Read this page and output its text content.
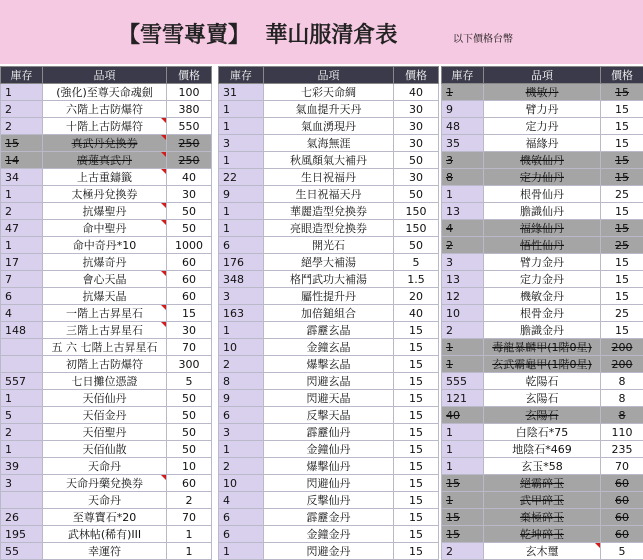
【雪雪專賣】  華山服清倉表	以下價格台幣
庫存	品項	價格
1	(強化)至尊天命魂劍	100
2	六階上古防爆符	380
2	十階上古防爆符	550
15	真武丹兌換券	250
14	廣蓮真武丹	250
34	上古重鑄籤	40
1	太極丹兌換券	30
2	抗爆聖丹	50
47	命中聖丹	50
1	命中奇丹*10	1000
17	抗爆奇丹	60
7	會心天晶	60
6	抗爆天晶	60
4	一階上古昇星石	15
148	三階上古昇星石	30
	五 六 七階上古昇星石	70
	初階上古防爆符	300
557	七日攤位憑證	5
1	天佰仙丹	50
5	天佰金丹	50
2	天佰聖丹	50
1	天佰仙散	50
39	天命丹	10
3	天命丹藥兌換券	60
	天命丹	2
26	至尊寶石*20	70
195	武林帖(稀有)III	1
55	幸運符	1
庫存	品項	價格
31	七彩天命綢	40
1	氣血提升天丹	30
1	氣血湧現丹	30
3	氣海無涯	30
1	秋風顏氣大補丹	50
22	生日祝福丹	30
9	生日祝福天丹	50
1	華麗造型兌換券	150
1	亮眼造型兌換券	150
6	開光石	50
176	絕學大補湯	5
348	格鬥武功大補湯	1.5
3	屬性提升丹	20
163	加倍鎚組合	40
1	霹靂玄晶	15
10	金鐘玄晶	15
2	爆擊玄晶	15
8	閃避玄晶	15
9	閃避天晶	15
6	反擊天晶	15
3	霹靂仙丹	15
1	金鐘仙丹	15
2	爆擊仙丹	15
10	閃避仙丹	15
4	反擊仙丹	15
6	霹靂金丹	15
6	金鐘金丹	15
1	閃避金丹	15
庫存	品項	價格
1	機敏丹	15
9	臂力丹	15
48	定力丹	15
35	福緣丹	15
3	機敏仙丹	15
8	定力仙丹	15
1	根骨仙丹	25
13	膽識仙丹	15
4	福緣仙丹	15
2	悟性仙丹	25
3	臂力金丹	15
13	定力金丹	15
12	機敏金丹	15
10	根骨金丹	25
2	膽識金丹	15
1	毒龍暴麟甲(1階0星)	200
1	玄武霸龜甲(1階0星)	200
555	乾陽石	8
121	玄陽石	8
40	玄陽石	8
1	白陰石*75	110
1	地陰石*469	235
1	玄玉*58	70
15	絕霸碎玉	60
1	武甲碎玉	60
15	棄極碎玉	60
15	乾坤碎玉	60
2	玄木璽	5
